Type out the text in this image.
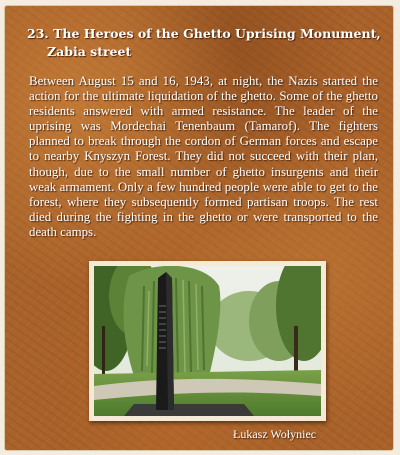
23. The Heroes of the Ghetto Uprising Monument, Zabia street

Between August 15 and 16, 1943, at night, the Nazis started the action for the ultimate liquidation of the ghetto. Some of the ghetto residents answered with armed resistance. The leader of the uprising was Mordechai Tenenbaum (Tamarof). The fighters planned to break through the cordon of German forces and escape to nearby Knyszyn Forest. They did not succeed with their plan, though, due to the small number of ghetto insurgents and their weak armament. Only a few hundred people were able to get to the forest, where they subsequently formed partisan troops. The rest died during the fighting in the ghetto or were transported to the death camps.

Łukasz Wołyniec
